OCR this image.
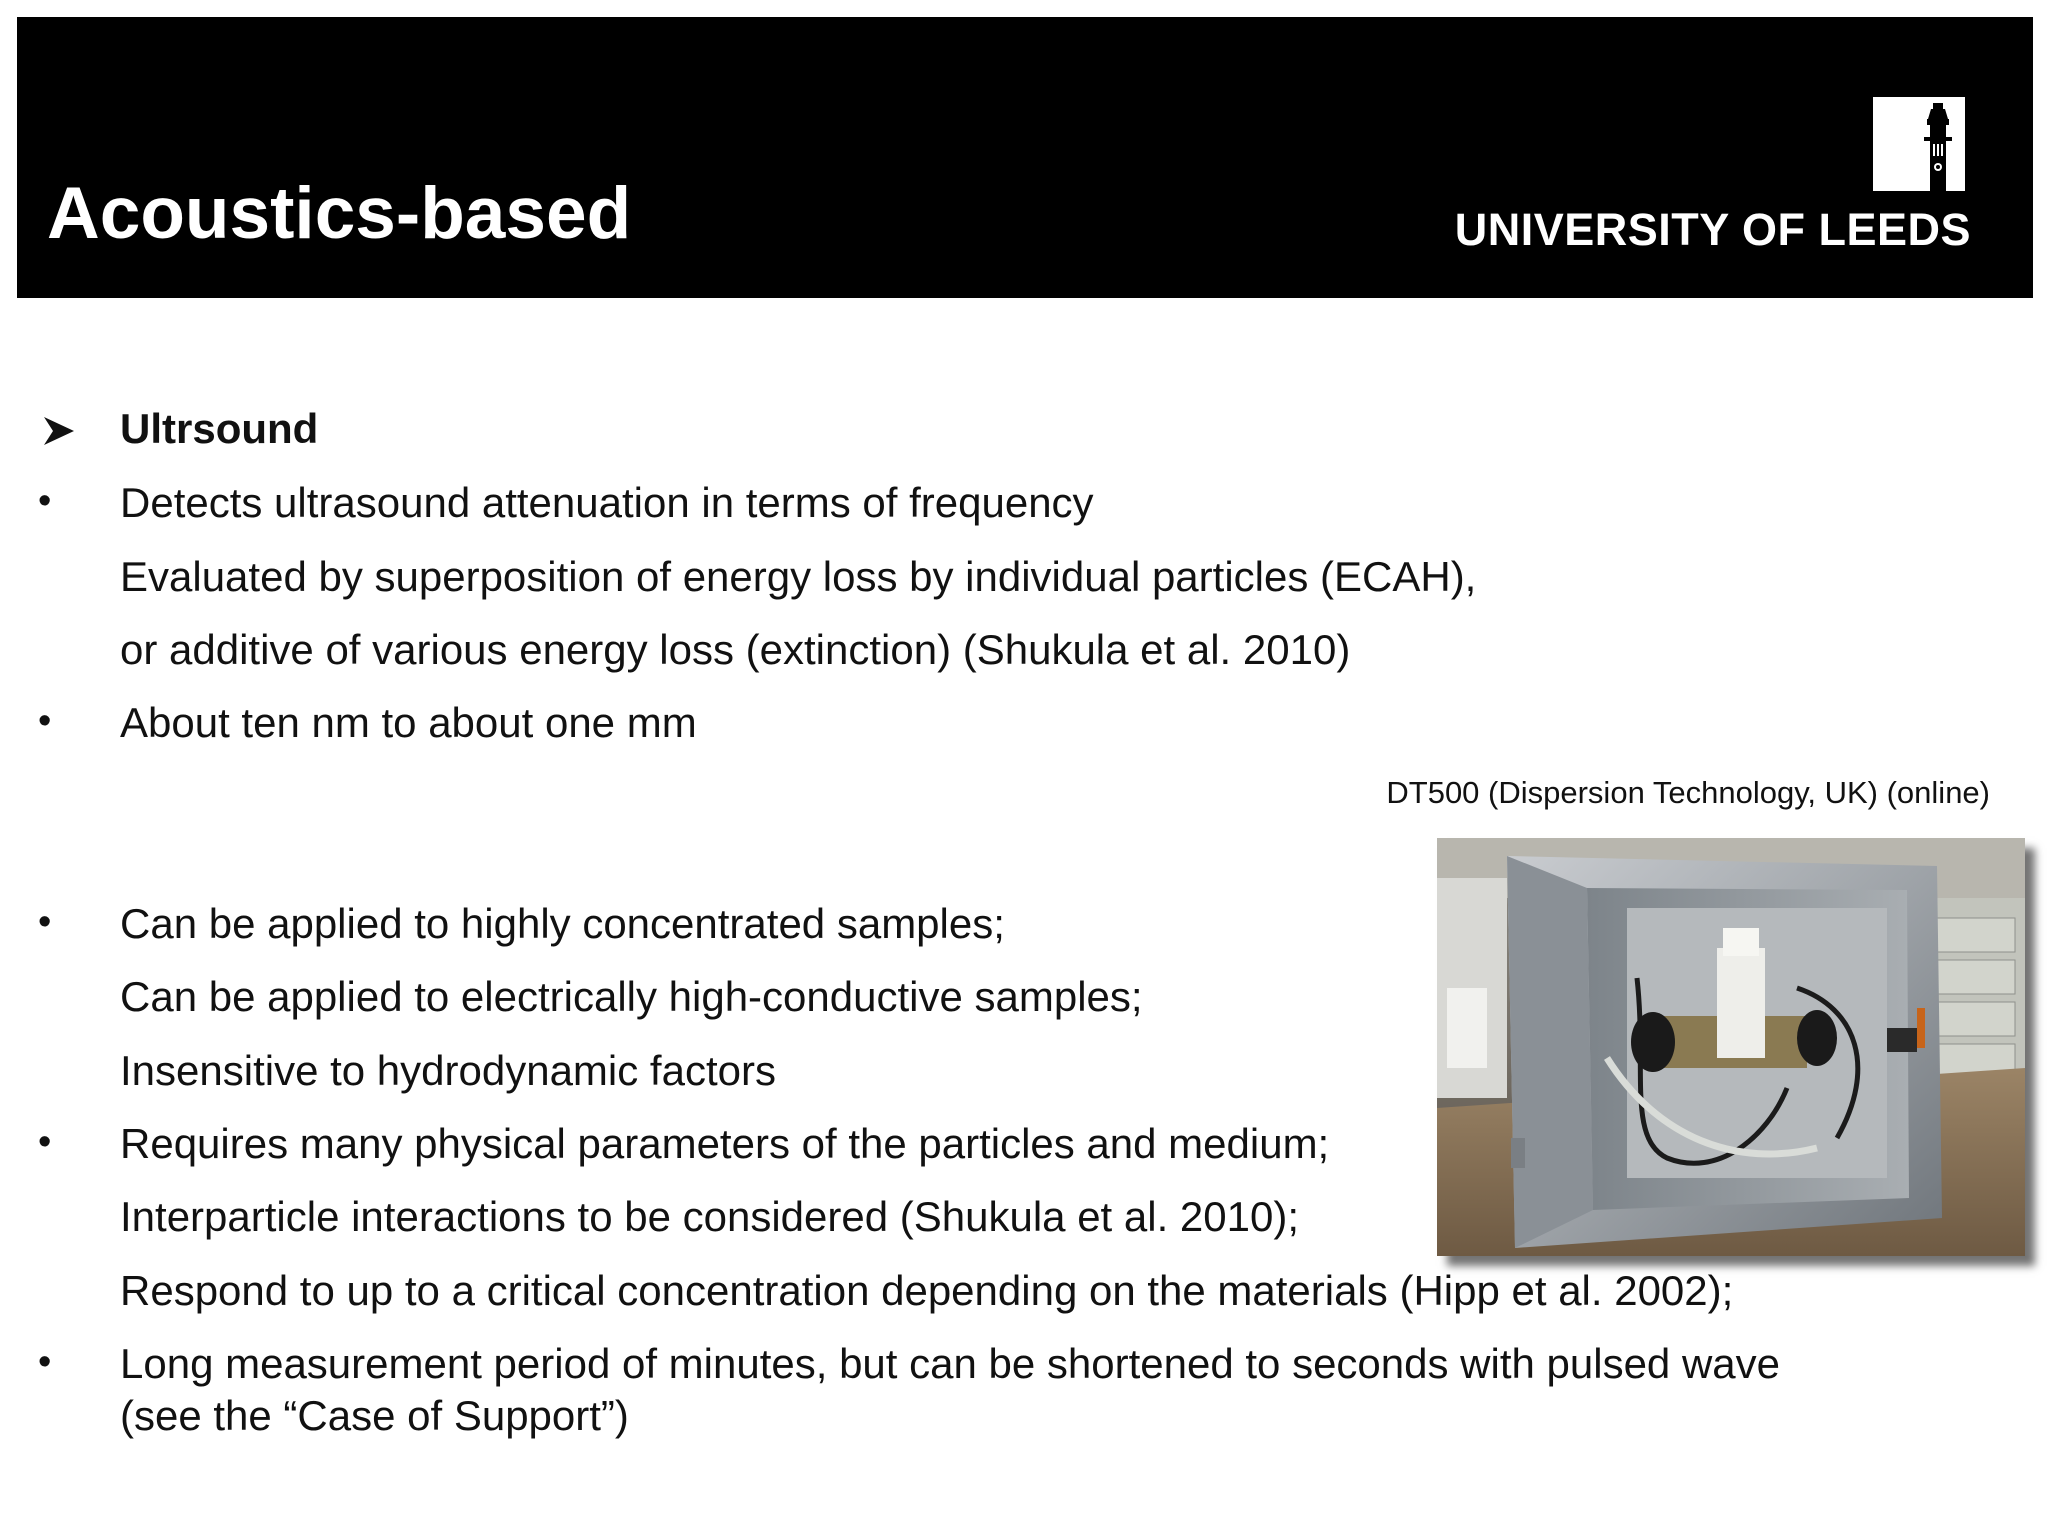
Acoustics-based	UNIVERSITY OF LEEDS
Ultrsound
• Detects ultrasound attenuation in terms of frequency
Evaluated by superposition of energy loss by individual particles (ECAH),
or additive of various energy loss (extinction) (Shukula et al. 2010)
• About ten nm to about one mm
DT500 (Dispersion Technology, UK) (online)
• Can be applied to highly concentrated samples;
Can be applied to electrically high-conductive samples;
Insensitive to hydrodynamic factors
• Requires many physical parameters of the particles and medium;
Interparticle interactions to be considered (Shukula et al. 2010);
Respond to up to a critical concentration depending on the materials (Hipp et al. 2002);
• Long measurement period of minutes, but can be shortened to seconds with pulsed wave
(see the “Case of Support”)
